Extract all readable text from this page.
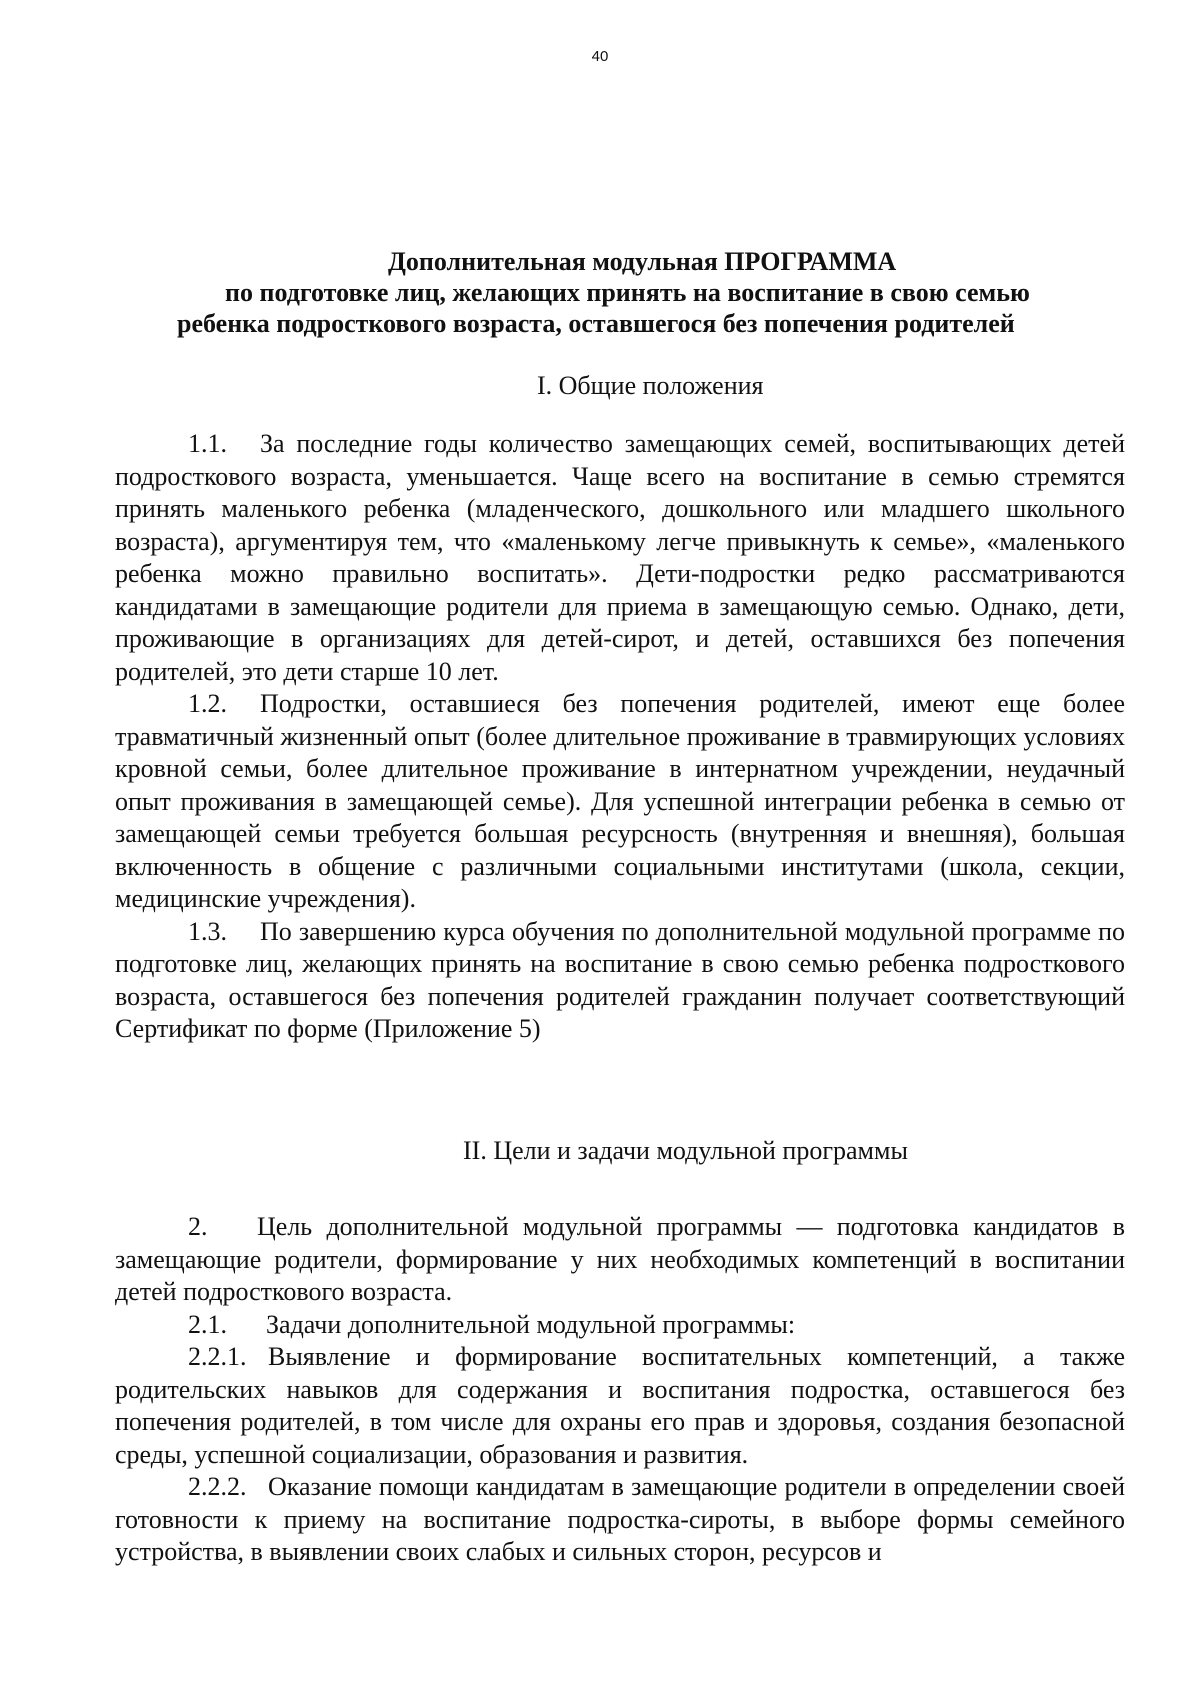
40
Дополнительная модульная ПРОГРАММА
по подготовке лиц, желающих принять на воспитание в свою семью
ребенка подросткового возраста, оставшегося без попечения родителей
I. Общие положения

1.1. За последние годы количество замещающих семей, воспитывающих детей подросткового возраста, уменьшается. Чаще всего на воспитание в семью стремятся принять маленького ребенка (младенческого, дошкольного или младшего школьного возраста), аргументируя тем, что «маленькому легче привыкнуть к семье», «маленького ребенка можно правильно воспитать». Дети-подростки редко рассматриваются кандидатами в замещающие родители для приема в замещающую семью. Однако, дети, проживающие в организациях для детей-сирот, и детей, оставшихся без попечения родителей, это дети старше 10 лет.

1.2. Подростки, оставшиеся без попечения родителей, имеют еще более травматичный жизненный опыт (более длительное проживание в травмирующих условиях кровной семьи, более длительное проживание в интернатном учреждении, неудачный опыт проживания в замещающей семье). Для успешной интеграции ребенка в семью от замещающей семьи требуется большая ресурсность (внутренняя и внешняя), большая включенность в общение с различными социальными институтами (школа, секции, медицинские учреждения).

1.3. По завершению курса обучения по дополнительной модульной программе по подготовке лиц, желающих принять на воспитание в свою семью ребенка подросткового возраста, оставшегося без попечения родителей гражданин получает соответствующий Сертификат по форме (Приложение 5)

II. Цели и задачи модульной программы

2. Цель дополнительной модульной программы — подготовка кандидатов в замещающие родители, формирование у них необходимых компетенций в воспитании детей подросткового возраста.

2.1. Задачи дополнительной модульной программы:

2.2.1. Выявление и формирование воспитательных компетенций, а также родительских навыков для содержания и воспитания подростка, оставшегося без попечения родителей, в том числе для охраны его прав и здоровья, создания безопасной среды, успешной социализации, образования и развития.

2.2.2. Оказание помощи кандидатам в замещающие родители в определении своей готовности к приему на воспитание подростка-сироты, в выборе формы семейного устройства, в выявлении своих слабых и сильных сторон, ресурсов и
